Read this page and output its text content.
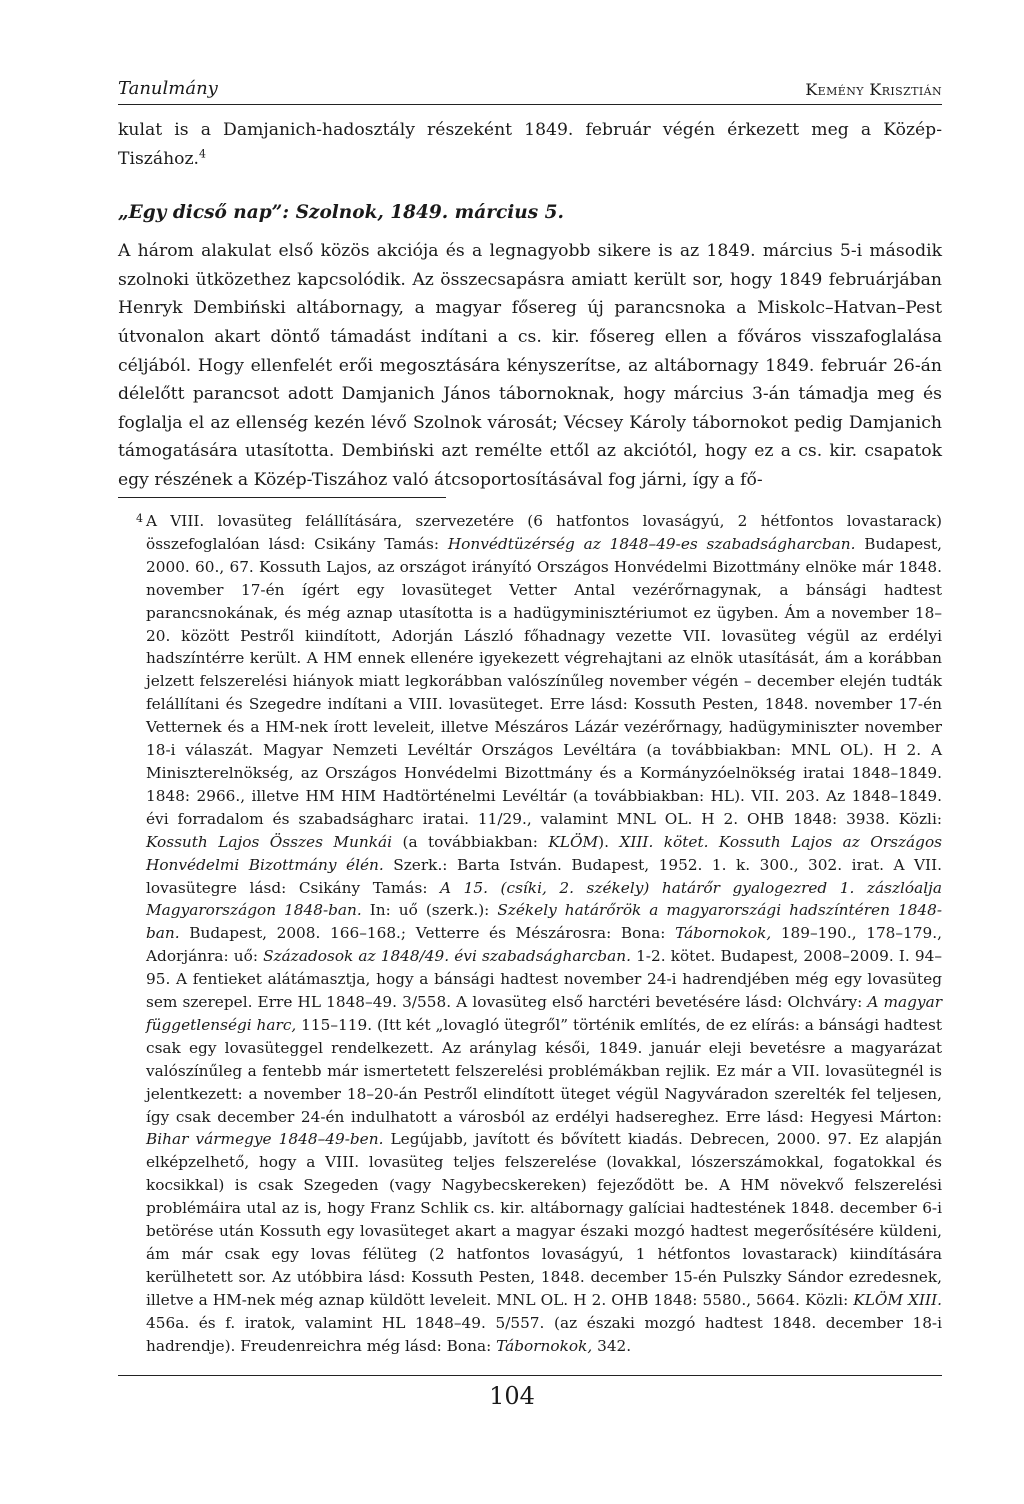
Tanulmány	Kemény Krisztián

kulat is a Damjanich-hadosztály részeként 1849. február végén érkezett meg a Közép-Tiszához.$^4$

„Egy dicső nap”: Szolnok, 1849. március 5.

A három alakulat első közös akciója és a legnagyobb sikere is az 1849. március 5-i második szolnoki ütközethez kapcsolódik. Az összecsapásra amiatt került sor, hogy 1849 februárjában Henryk Dembiński altábornagy, a magyar fősereg új parancsnoka a Miskolc–Hatvan–Pest útvonalon akart döntő támadást indítani a cs. kir. fősereg ellen a főváros visszafoglalása céljából. Hogy ellenfelét erői megosztására kényszerítse, az altábornagy 1849. február 26-án délelőtt parancsot adott Damjanich János tábornoknak, hogy március 3-án támadja meg és foglalja el az ellenség kezén lévő Szolnok városát; Vécsey Károly tábornokot pedig Damjanich támogatására utasította. Dembiński azt remélte ettől az akciótól, hogy ez a cs. kir. csapatok egy részének a Közép-Tiszához való átcsoportosításával fog járni, így a fő-

4 A VIII. lovasüteg felállítására, szervezetére (6 hatfontos lovaságyú, 2 hétfontos lovastarack) összefoglalóan lásd: Csikány Tamás: Honvédtüzérség az 1848–49-es szabadságharcban. Budapest, 2000. 60., 67. Kossuth Lajos, az országot irányító Országos Honvédelmi Bizottmány elnöke már 1848. november 17-én ígért egy lovasüteget Vetter Antal vezérőrnagynak, a bánsági hadtest parancsnokának, és még aznap utasította is a hadügyminisztériumot ez ügyben. Ám a november 18–20. között Pestről kiindított, Adorján László főhadnagy vezette VII. lovasüteg végül az erdélyi hadszíntérre került. A HM ennek ellenére igyekezett végrehajtani az elnök utasítását, ám a korábban jelzett felszerelési hiányok miatt legkorábban valószínűleg november végén – december elején tudták felállítani és Szegedre indítani a VIII. lovasüteget. Erre lásd: Kossuth Pesten, 1848. november 17-én Vetternek és a HM-nek írott leveleit, illetve Mészáros Lázár vezérőrnagy, hadügyminiszter november 18-i válaszát. Magyar Nemzeti Levéltár Országos Levéltára (a továbbiakban: MNL OL). H 2. A Miniszterelnökség, az Országos Honvédelmi Bizottmány és a Kormányzóelnökség iratai 1848–1849. 1848: 2966., illetve HM HIM Hadtörténelmi Levéltár (a továbbiakban: HL). VII. 203. Az 1848–1849. évi forradalom és szabadságharc iratai. 11/29., valamint MNL OL. H 2. OHB 1848: 3938. Közli: Kossuth Lajos Összes Munkái (a továbbiakban: KLÖM). XIII. kötet. Kossuth Lajos az Országos Honvédelmi Bizottmány élén. Szerk.: Barta István. Budapest, 1952. 1. k. 300., 302. irat. A VII. lovasütegre lásd: Csikány Tamás: A 15. (csíki, 2. székely) határőr gyalogezred 1. zászlóalja Magyarországon 1848-ban. In: uő (szerk.): Székely határőrök a magyarországi hadszíntéren 1848-ban. Budapest, 2008. 166–168.; Vetterre és Mészárosra: Bona: Tábornokok, 189–190., 178–179., Adorjánra: uő: Századosok az 1848/49. évi szabadságharcban. 1-2. kötet. Budapest, 2008–2009. I. 94–95. A fentieket alátámasztja, hogy a bánsági hadtest november 24-i hadrendjében még egy lovasüteg sem szerepel. Erre HL 1848–49. 3/558. A lovasüteg első harctéri bevetésére lásd: Olchváry: A magyar függetlenségi harc, 115–119. (Itt két „lovagló ütegről” történik említés, de ez elírás: a bánsági hadtest csak egy lovasüteggel rendelkezett. Az aránylag késői, 1849. január eleji bevetésre a magyarázat valószínűleg a fentebb már ismertetett felszerelési problémákban rejlik. Ez már a VII. lovasütegnél is jelentkezett: a november 18–20-án Pestről elindított üteget végül Nagyváradon szerelték fel teljesen, így csak december 24-én indulhatott a városból az erdélyi hadsereghez. Erre lásd: Hegyesi Márton: Bihar vármegye 1848–49-ben. Legújabb, javított és bővített kiadás. Debrecen, 2000. 97. Ez alapján elképzelhető, hogy a VIII. lovasüteg teljes felszerelése (lovakkal, lószerszámokkal, fogatokkal és kocsikkal) is csak Szegeden (vagy Nagybecskereken) fejeződött be. A HM növekvő felszerelési problémáira utal az is, hogy Franz Schlik cs. kir. altábornagy galíciai hadtestének 1848. december 6-i betörése után Kossuth egy lovasüteget akart a magyar északi mozgó hadtest megerősítésére küldeni, ám már csak egy lovas félüteg (2 hatfontos lovaságyú, 1 hétfontos lovastarack) kiindítására kerülhetett sor. Az utóbbira lásd: Kossuth Pesten, 1848. december 15-én Pulszky Sándor ezredesnek, illetve a HM-nek még aznap küldött leveleit. MNL OL. H 2. OHB 1848: 5580., 5664. Közli: KLÖM XIII. 456a. és f. iratok, valamint HL 1848–49. 5/557. (az északi mozgó hadtest 1848. december 18-i hadrendje). Freudenreichra még lásd: Bona: Tábornokok, 342.
104
